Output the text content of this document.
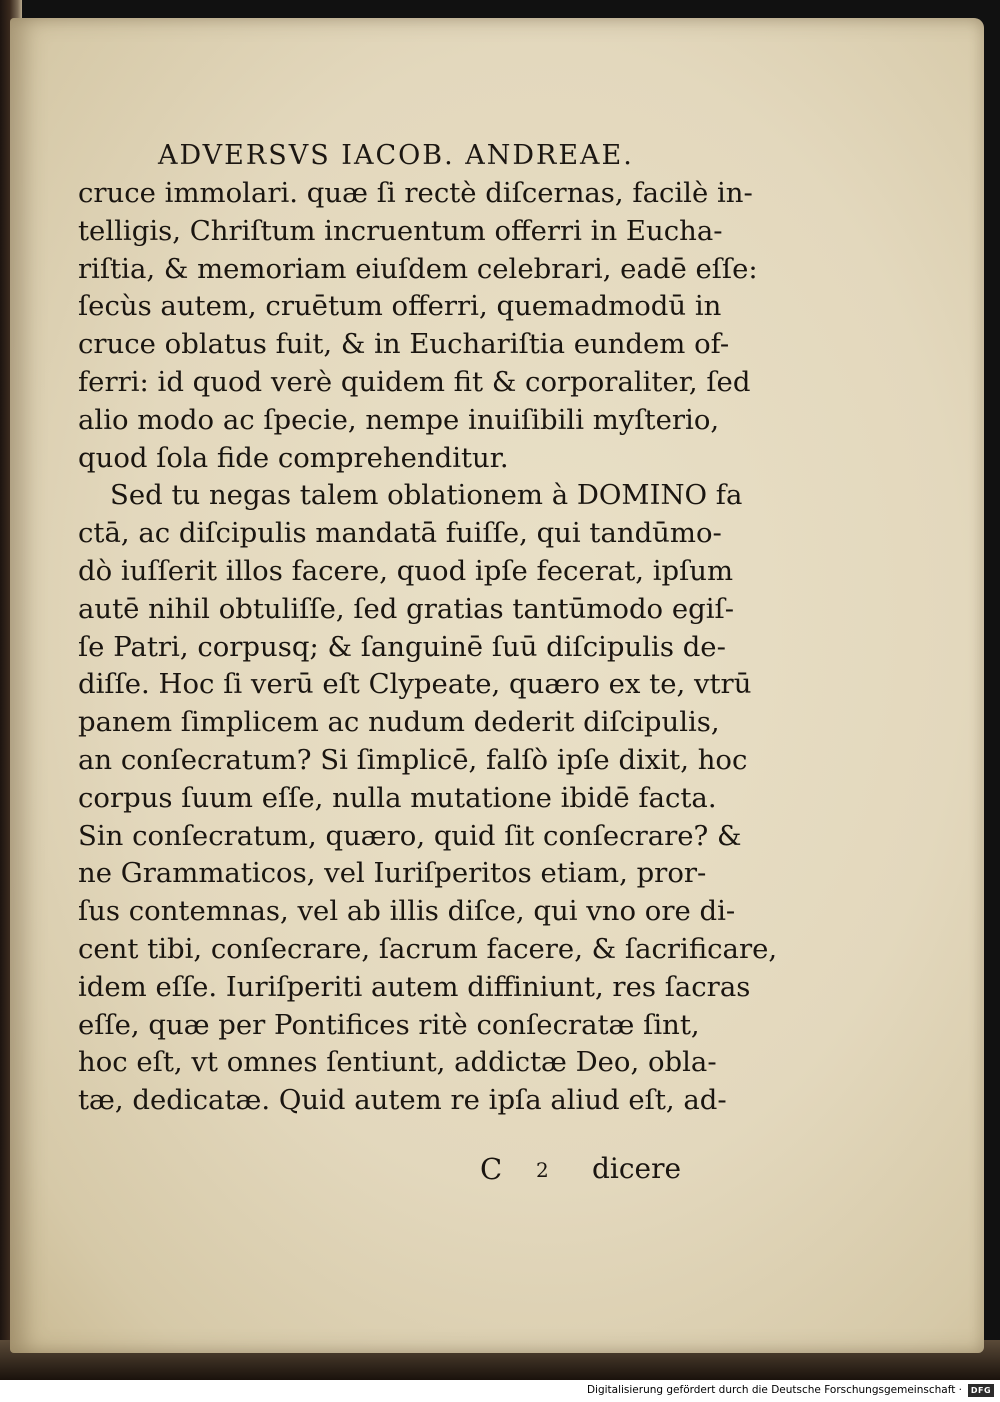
ADVERSVS IACOB. ANDREAE.
cruce immolari. quæ ſi rectè diſcernas, facilè in-
telligis, Chriſtum incruentum offerri in Eucha-
riſtia, & memoriam eiuſdem celebrari, eadē eſſe:
ſecùs autem, cruētum offerri, quemadmodū in
cruce oblatus fuit, & in Euchariſtia eundem of-
ferri: id quod verè quidem fit & corporaliter, ſed
alio modo ac ſpecie, nempe inuiſibili myſterio,
quod ſola fide comprehenditur.
Sed tu negas talem oblationem à DOMINO fa
ctā, ac diſcipulis mandatā fuiſſe, qui tandūmo-
dò iuſſerit illos facere, quod ipſe fecerat, ipſum
autē nihil obtuliſſe, ſed gratias tantūmodo egiſ-
ſe Patri, corpusq; & ſanguinē ſuū diſcipulis de-
diſſe. Hoc ſi verū eſt Clypeate, quæro ex te, vtrū
panem ſimplicem ac nudum dederit diſcipulis,
an conſecratum? Si ſimplicē, falſò ipſe dixit, hoc
corpus ſuum eſſe, nulla mutatione ibidē facta.
Sin conſecratum, quæro, quid ſit conſecrare? &
ne Grammaticos, vel Iuriſperitos etiam, pror-
ſus contemnas, vel ab illis diſce, qui vno ore di-
cent tibi, conſecrare, ſacrum facere, & ſacrificare,
idem eſſe. Iuriſperiti autem diffiniunt, res ſacras
eſſe, quæ per Pontifices ritè conſecratæ ſint,
hoc eſt, vt omnes ſentiunt, addictæ Deo, obla-
tæ, dedicatæ. Quid autem re ipſa aliud eſt, ad-
C 2 dicere
Digitalisierung gefördert durch die Deutsche Forschungsgemeinschaft ·	DFG
